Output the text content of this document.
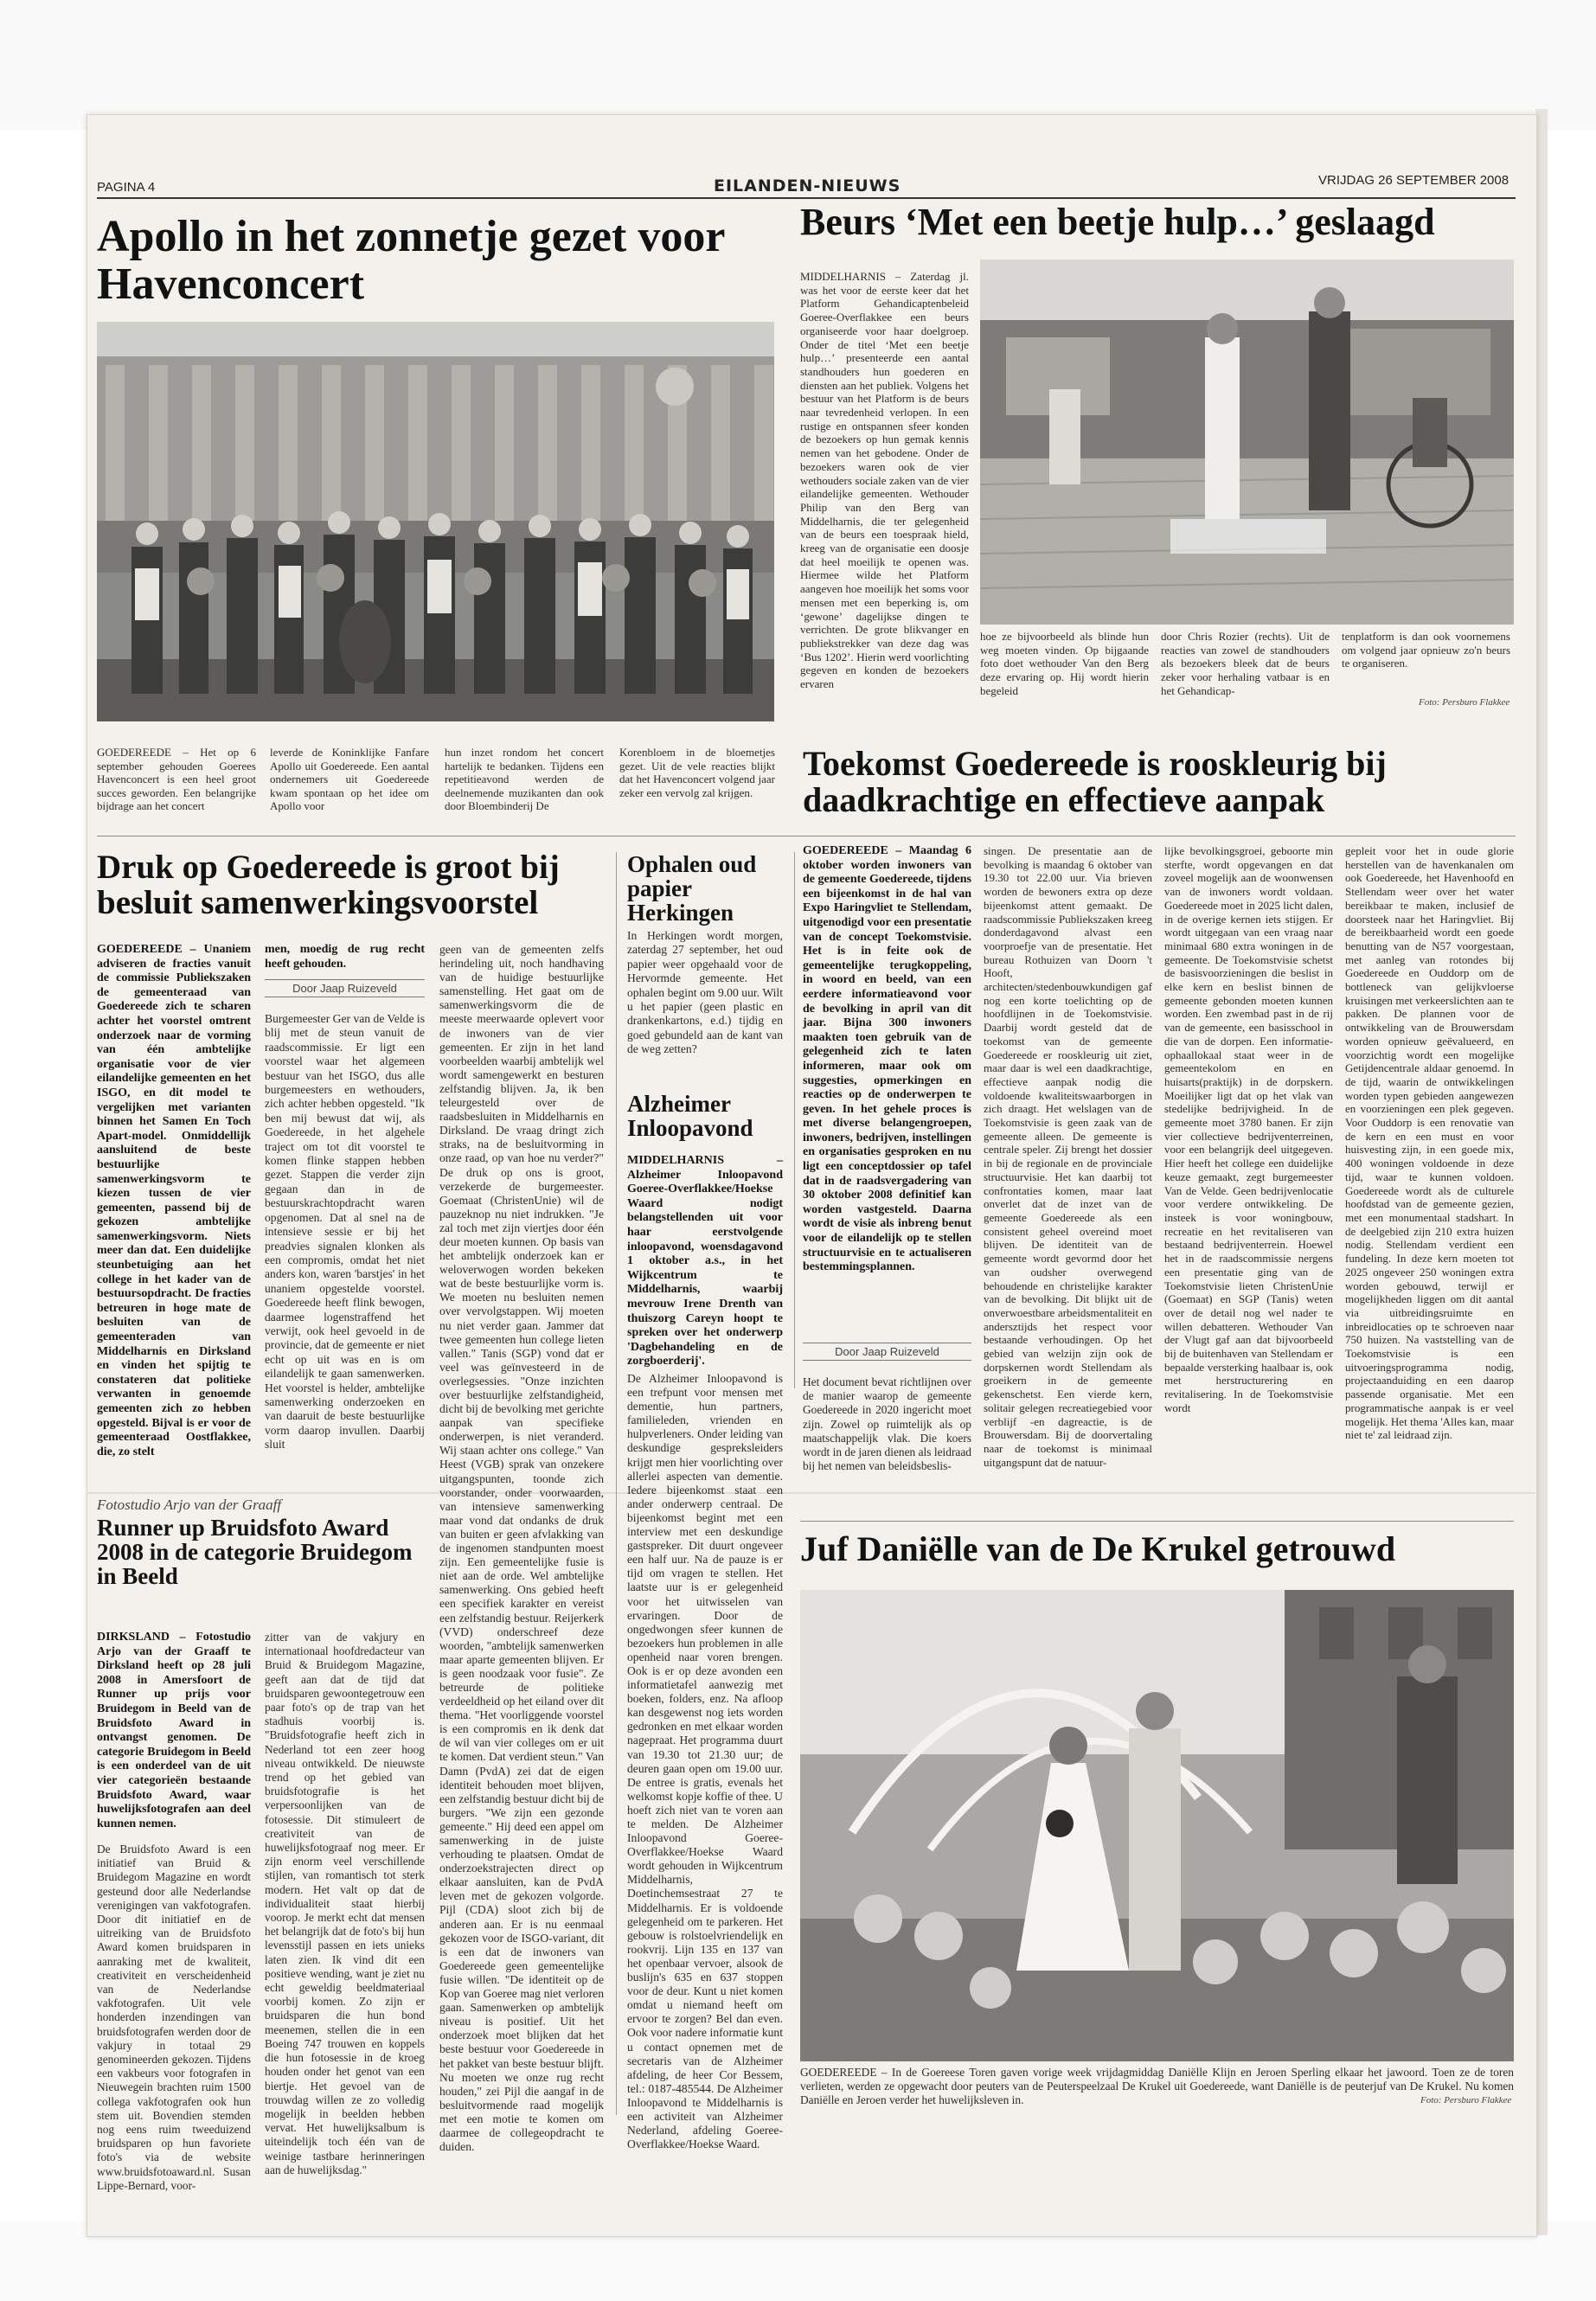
PAGINA 4	EILANDEN-NIEUWS	VRIJDAG 26 SEPTEMBER 2008
Apollo in het zonnetje gezet voor Havenconcert
GOEDEREEDE – Het op 6 september gehouden Goerees Havenconcert is een heel groot succes geworden. Een belangrijke bijdrage aan het concert
leverde de Koninklijke Fanfare Apollo uit Goedereede. Een aantal ondernemers uit Goedereede kwam spontaan op het idee om Apollo voor
hun inzet rondom het concert hartelijk te bedanken. Tijdens een repetitieavond werden de deelnemende muzikanten dan ook door Bloembinderij De
Korenbloem in de bloemetjes gezet. Uit de vele reacties blijkt dat het Havenconcert volgend jaar zeker een vervolg zal krijgen.
Beurs ‘Met een beetje hulp…’ geslaagd
MIDDELHARNIS – Zaterdag jl. was het voor de eerste keer dat het Platform Gehandicaptenbeleid Goeree-Overflakkee een beurs organiseerde voor haar doelgroep. Onder de titel ‘Met een beetje hulp…’ presenteerde een aantal standhouders hun goederen en diensten aan het publiek. Volgens het bestuur van het Platform is de beurs naar tevredenheid verlopen. In een rustige en ontspannen sfeer konden de bezoekers op hun gemak kennis nemen van het gebodene. Onder de bezoekers waren ook de vier wethouders sociale zaken van de vier eilandelijke gemeenten. Wethouder Philip van den Berg van Middelharnis, die ter gelegenheid van de beurs een toespraak hield, kreeg van de organisatie een doosje dat heel moeilijk te openen was. Hiermee wilde het Platform aangeven hoe moeilijk het soms voor mensen met een beperking is, om ‘gewone’ dagelijkse dingen te verrichten. De grote blikvanger en publiekstrekker van deze dag was ‘Bus 1202’. Hierin werd voorlichting gegeven en konden de bezoekers ervaren
hoe ze bijvoorbeeld als blinde hun weg moeten vinden. Op bijgaande foto doet wethouder Van den Berg deze ervaring op. Hij wordt hierin begeleid
door Chris Rozier (rechts). Uit de reacties van zowel de standhouders als bezoekers bleek dat de beurs zeker voor herhaling vatbaar is en het Gehandicap-
tenplatform is dan ook voornemens om volgend jaar opnieuw zo'n beurs te organiseren.
Foto: Persburo Flakkee
Druk op Goedereede is groot bij besluit samenwerkingsvoorstel
GOEDEREEDE – Unaniem adviseren de fracties vanuit de commissie Publiekszaken de gemeenteraad van Goedereede zich te scharen achter het voorstel omtrent onderzoek naar de vorming van één ambtelijke organisatie voor de vier eilandelijke gemeenten en het ISGO, en dit model te vergelijken met varianten binnen het Samen En Toch Apart-model. Onmiddellijk aansluitend de beste bestuurlijke samenwerkingsvorm te kiezen tussen de vier gemeenten, passend bij de gekozen ambtelijke samenwerkingsvorm. Niets meer dan dat. Een duidelijke steunbetuiging aan het college in het kader van de bestuursopdracht. De fracties betreuren in hoge mate de besluiten van de gemeenteraden van Middelharnis en Dirksland en vinden het spijtig te constateren dat politieke verwanten in genoemde gemeenten zich zo hebben opgesteld. Bijval is er voor de gemeenteraad Oostflakkee, die, zo stelt
men, moedig de rug recht heeft gehouden.
Door Jaap Ruizeveld
Burgemeester Ger van de Velde is blij met de steun vanuit de raadscommissie. Er ligt een voorstel waar het algemeen bestuur van het ISGO, dus alle burgemeesters en wethouders, zich achter hebben opgesteld. "Ik ben mij bewust dat wij, als Goedereede, in het algehele traject om tot dit voorstel te komen flinke stappen hebben gezet. Stappen die verder zijn gegaan dan in de bestuurskrachtopdracht waren opgenomen. Dat al snel na de intensieve sessie er bij het preadvies signalen klonken als een compromis, omdat het niet anders kon, waren 'barstjes' in het unaniem opgestelde voorstel. Goedereede heeft flink bewogen, daarmee logenstraffend het verwijt, ook heel gevoeld in de provincie, dat de gemeente er niet echt op uit was en is om eilandelijk te gaan samenwerken. Het voorstel is helder, ambtelijke samenwerking onderzoeken en van daaruit de beste bestuurlijke vorm daarop invullen. Daarbij sluit
geen van de gemeenten zelfs herindeling uit, noch handhaving van de huidige bestuurlijke samenstelling. Het gaat om de samenwerkingsvorm die de meeste meerwaarde oplevert voor de inwoners van de vier gemeenten. Er zijn in het land voorbeelden waarbij ambtelijk wel wordt samengewerkt en besturen zelfstandig blijven. Ja, ik ben teleurgesteld over de raadsbesluiten in Middelharnis en Dirksland. De vraag dringt zich straks, na de besluitvorming in onze raad, op van hoe nu verder?" De druk op ons is groot, verzekerde de burgemeester. Goemaat (ChristenUnie) wil de pauzeknop nu niet indrukken. "Je zal toch met zijn viertjes door één deur moeten kunnen. Op basis van het ambtelijk onderzoek kan er weloverwogen worden bekeken wat de beste bestuurlijke vorm is. We moeten nu besluiten nemen over vervolgstappen. Wij moeten nu niet verder gaan. Jammer dat twee gemeenten hun college lieten vallen." Tanis (SGP) vond dat er veel was geïnvesteerd in de overlegsessies. "Onze inzichten over bestuurlijke zelfstandigheid, dicht bij de bevolking met gerichte aanpak van specifieke onderwerpen, is niet veranderd. Wij staan achter ons college." Van Heest (VGB) sprak van onzekere uitgangspunten, toonde zich voorstander, onder voorwaarden, van intensieve samenwerking maar vond dat ondanks de druk van buiten er geen afvlakking van de ingenomen standpunten moest zijn. Een gemeentelijke fusie is niet aan de orde. Wel ambtelijke samenwerking. Ons gebied heeft een specifiek karakter en vereist een zelfstandig bestuur. Reijerkerk (VVD) onderschreef deze woorden, "ambtelijk samenwerken maar aparte gemeenten blijven. Er is geen noodzaak voor fusie". Ze betreurde de politieke verdeeldheid op het eiland over dit thema. "Het voorliggende voorstel is een compromis en ik denk dat de wil van vier colleges om er uit te komen. Dat verdient steun." Van Damn (PvdA) zei dat de eigen identiteit behouden moet blijven, een zelfstandig bestuur dicht bij de burgers. "We zijn een gezonde gemeente." Hij deed een appel om samenwerking in de juiste verhouding te plaatsen. Omdat de onderzoekstrajecten direct op elkaar aansluiten, kan de PvdA leven met de gekozen volgorde. Pijl (CDA) sloot zich bij de anderen aan. Er is nu eenmaal gekozen voor de ISGO-variant, dit is een dat de inwoners van Goedereede geen gemeentelijke fusie willen. "De identiteit op de Kop van Goeree mag niet verloren gaan. Samenwerken op ambtelijk niveau is positief. Uit het onderzoek moet blijken dat het beste bestuur voor Goedereede in het pakket van beste bestuur blijft. Nu moeten we onze rug recht houden," zei Pijl die aangaf in de besluitvormende raad mogelijk met een motie te komen om daarmee de collegeopdracht te duiden.
Fotostudio Arjo van der Graaff
Runner up Bruidsfoto Award 2008 in de categorie Bruidegom in Beeld
DIRKSLAND – Fotostudio Arjo van der Graaff te Dirksland heeft op 28 juli 2008 in Amersfoort de Runner up prijs voor Bruidegom in Beeld van de Bruidsfoto Award in ontvangst genomen. De categorie Bruidegom in Beeld is een onderdeel van de uit vier categorieën bestaande Bruidsfoto Award, waar huwelijksfotografen aan deel kunnen nemen.
De Bruidsfoto Award is een initiatief van Bruid & Bruidegom Magazine en wordt gesteund door alle Nederlandse verenigingen van vakfotografen. Door dit initiatief en de uitreiking van de Bruidsfoto Award komen bruidsparen in aanraking met de kwaliteit, creativiteit en verscheidenheid van de Nederlandse vakfotografen. Uit vele honderden inzendingen van bruidsfotografen werden door de vakjury in totaal 29 genomineerden gekozen. Tijdens een vakbeurs voor fotografen in Nieuwegein brachten ruim 1500 collega vakfotografen ook hun stem uit. Bovendien stemden nog eens ruim tweeduizend bruidsparen op hun favoriete foto's via de website www.bruidsfotoaward.nl. Susan Lippe-Bernard, voor-
zitter van de vakjury en internationaal hoofdredacteur van Bruid & Bruidegom Magazine, geeft aan dat de tijd dat bruidsparen gewoontegetrouw een paar foto's op de trap van het stadhuis voorbij is. "Bruidsfotografie heeft zich in Nederland tot een zeer hoog niveau ontwikkeld. De nieuwste trend op het gebied van bruidsfotografie is het verpersoonlijken van de fotosessie. Dit stimuleert de creativiteit van de huwelijksfotograaf nog meer. Er zijn enorm veel verschillende stijlen, van romantisch tot sterk modern. Het valt op dat de individualiteit staat hierbij voorop. Je merkt echt dat mensen het belangrijk dat de foto's bij hun levensstijl passen en iets unieks laten zien. Ik vind dit een positieve wending, want je ziet nu echt geweldig beeldmateriaal voorbij komen. Zo zijn er bruidsparen die hun bond meenemen, stellen die in een Boeing 747 trouwen en koppels die hun fotosessie in de kroeg houden onder het genot van een biertje. Het gevoel van de trouwdag willen ze zo volledig mogelijk in beelden hebben vervat. Het huwelijksalbum is uiteindelijk toch één van de weinige tastbare herinneringen aan de huwelijksdag."
Ophalen oud papier Herkingen
In Herkingen wordt morgen, zaterdag 27 september, het oud papier weer opgehaald voor de Hervormde gemeente. Het ophalen begint om 9.00 uur. Wilt u het papier (geen plastic en drankenkartons, e.d.) tijdig en goed gebundeld aan de kant van de weg zetten?
Alzheimer Inloopavond
MIDDELHARNIS – Alzheimer Inloopavond Goeree-Overflakkee/Hoekse Waard nodigt belangstellenden uit voor haar eerstvolgende inloopavond, woensdagavond 1 oktober a.s., in het Wijkcentrum te Middelharnis, waarbij mevrouw Irene Drenth van thuiszorg Careyn hoopt te spreken over het onderwerp 'Dagbehandeling en de zorgboerderij'.
De Alzheimer Inloopavond is een trefpunt voor mensen met dementie, hun partners, familieleden, vrienden en hulpverleners. Onder leiding van deskundige gespreksleiders krijgt men hier voorlichting over allerlei aspecten van dementie. Iedere bijeenkomst staat een ander onderwerp centraal. De bijeenkomst begint met een interview met een deskundige gastspreker. Dit duurt ongeveer een half uur. Na de pauze is er tijd om vragen te stellen. Het laatste uur is er gelegenheid voor het uitwisselen van ervaringen. Door de ongedwongen sfeer kunnen de bezoekers hun problemen in alle openheid naar voren brengen. Ook is er op deze avonden een informatietafel aanwezig met boeken, folders, enz. Na afloop kan desgewenst nog iets worden gedronken en met elkaar worden nagepraat. Het programma duurt van 19.30 tot 21.30 uur; de deuren gaan open om 19.00 uur. De entree is gratis, evenals het welkomst kopje koffie of thee. U hoeft zich niet van te voren aan te melden. De Alzheimer Inloopavond Goeree-Overflakkee/Hoekse Waard wordt gehouden in Wijkcentrum Middelharnis, Doetinchemsestraat 27 te Middelharnis. Er is voldoende gelegenheid om te parkeren. Het gebouw is rolstoelvriendelijk en rookvrij. Lijn 135 en 137 van het openbaar vervoer, alsook de buslijn's 635 en 637 stoppen voor de deur. Kunt u niet komen omdat u niemand heeft om ervoor te zorgen? Bel dan even. Ook voor nadere informatie kunt u contact opnemen met de secretaris van de Alzheimer afdeling, de heer Cor Bessem, tel.: 0187-485544. De Alzheimer Inloopavond te Middelharnis is een activiteit van Alzheimer Nederland, afdeling Goeree-Overflakkee/Hoekse Waard.
Toekomst Goedereede is rooskleurig bij daadkrachtige en effectieve aanpak
GOEDEREEDE – Maandag 6 oktober worden inwoners van de gemeente Goedereede, tijdens een bijeenkomst in de hal van Expo Haringvliet te Stellendam, uitgenodigd voor een presentatie van de concept Toekomstvisie. Het is in feite ook de gemeentelijke terugkoppeling, in woord en beeld, van een eerdere informatieavond voor de bevolking in april van dit jaar. Bijna 300 inwoners maakten toen gebruik van de gelegenheid zich te laten informeren, maar ook om suggesties, opmerkingen en reacties op de onderwerpen te geven. In het gehele proces is met diverse belangengroepen, inwoners, bedrijven, instellingen en organisaties gesproken en nu ligt een conceptdossier op tafel dat in de raadsvergadering van 30 oktober 2008 definitief kan worden vastgesteld. Daarna wordt de visie als inbreng benut voor de eilandelijk op te stellen structuurvisie en te actualiseren bestemmingsplannen.
Door Jaap Ruizeveld
Het document bevat richtlijnen over de manier waarop de gemeente Goedereede in 2020 ingericht moet zijn. Zowel op ruimtelijk als op maatschappelijk vlak. Die koers wordt in de jaren dienen als leidraad bij het nemen van beleidsbeslis-
singen. De presentatie aan de bevolking is maandag 6 oktober van 19.30 tot 22.00 uur. Via brieven worden de bewoners extra op deze bijeenkomst attent gemaakt. De raadscommissie Publiekszaken kreeg donderdagavond alvast een voorproefje van de presentatie. Het bureau Rothuizen van Doorn 't Hooft, architecten/stedenbouwkundigen gaf nog een korte toelichting op de hoofdlijnen in de Toekomstvisie. Daarbij wordt gesteld dat de toekomst van de gemeente Goedereede er rooskleurig uit ziet, maar daar is wel een daadkrachtige, effectieve aanpak nodig die voldoende kwaliteitswaarborgen in zich draagt. Het welslagen van de Toekomstvisie is geen zaak van de gemeente alleen. De gemeente is centrale speler. Zij brengt het dossier in bij de regionale en de provinciale structuurvisie. Het kan daarbij tot confrontaties komen, maar laat onverlet dat de inzet van de gemeente Goedereede als een consistent geheel overeind moet blijven. De identiteit van de gemeente wordt gevormd door het van oudsher overwegend behoudende en christelijke karakter van de bevolking. Dit blijkt uit de onverwoestbare arbeidsmentaliteit en andersztijds het respect voor bestaande verhoudingen. Op het gebied van welzijn zijn ook de dorpskernen wordt Stellendam als groeikern in de gemeente gekenschetst. Een vierde kern, solitair gelegen recreatiegebied voor verblijf -en dagreactie, is de Brouwersdam. Bij de doorvertaling naar de toekomst is minimaal uitgangspunt dat de natuur-
lijke bevolkingsgroei, geboorte min sterfte, wordt opgevangen en dat zoveel mogelijk aan de woonwensen van de inwoners wordt voldaan. Goedereede moet in 2025 licht dalen, in de overige kernen iets stijgen. Er wordt uitgegaan van een vraag naar minimaal 680 extra woningen in de gemeente. De Toekomstvisie schetst de basisvoorzieningen die beslist in elke kern en beslist binnen de gemeente gebonden moeten kunnen worden. Een zwembad past in de rij van de gemeente, een basisschool in die van de dorpen. Een informatie-ophaallokaal staat weer in de gemeentekolom en en huisarts(praktijk) in de dorpskern. Moeilijker ligt dat op het vlak van stedelijke bedrijvigheid. In de gemeente moet 3780 banen. Er zijn vier collectieve bedrijventerreinen, voor een belangrijk deel uitgegeven. Hier heeft het college een duidelijke keuze gemaakt, zegt burgemeester Van de Velde. Geen bedrijvenlocatie voor verdere ontwikkeling. De insteek is voor woningbouw, recreatie en het revitaliseren van bestaand bedrijventerrein. Hoewel het in de raadscommissie nergens een presentatie ging van de Toekomstvisie lieten ChristenUnie (Goemaat) en SGP (Tanis) weten over de detail nog wel nader te willen debatteren. Wethouder Van der Vlugt gaf aan dat bijvoorbeeld bij de buitenhaven van Stellendam er bepaalde versterking haalbaar is, ook met herstructurering en revitalisering. In de Toekomstvisie wordt
gepleit voor het in oude glorie herstellen van de havenkanalen om ook Goedereede, het Havenhoofd en Stellendam weer over het water bereikbaar te maken, inclusief de doorsteek naar het Haringvliet. Bij de bereikbaarheid wordt een goede benutting van de N57 voorgestaan, met aanleg van rotondes bij Goedereede en Ouddorp om de bottleneck van gelijkvloerse kruisingen met verkeerslichten aan te pakken. De plannen voor de ontwikkeling van de Brouwersdam worden opnieuw geëvalueerd, en voorzichtig wordt een mogelijke Getijdencentrale aldaar genoemd. In de tijd, waarin de ontwikkelingen worden typen gebieden aangewezen en voorzieningen een plek gegeven. Voor Ouddorp is een renovatie van de kern en een must en voor huisvesting zijn, in een goede mix, 400 woningen voldoende in deze tijd, waar te kunnen voldoen. Goedereede wordt als de culturele hoofdstad van de gemeente gezien, met een monumentaal stadshart. In de deelgebied zijn 210 extra huizen nodig. Stellendam verdient een fundeling. In deze kern moeten tot 2025 ongeveer 250 woningen extra worden gebouwd, terwijl er mogelijkheden liggen om dit aantal via uitbreidingsruimte en inbreidlocaties op te schroeven naar 750 huizen. Na vaststelling van de Toekomstvisie is een uitvoeringsprogramma nodig, projectaanduiding en een daarop passende organisatie. Met een programmatische aanpak is er veel mogelijk. Het thema 'Alles kan, maar niet te' zal leidraad zijn.
Juf Daniëlle van de De Krukel getrouwd
GOEDEREEDE – In de Goereese Toren gaven vorige week vrijdagmiddag Daniëlle Klijn en Jeroen Sperling elkaar het jawoord. Toen ze de toren verlieten, werden ze opgewacht door peuters van de Peuterspeelzaal De Krukel uit Goedereede, want Daniëlle is de peuterjuf van De Krukel. Nu komen Daniëlle en Jeroen verder het huwelijksleven in.	Foto: Persburo Flakkee
